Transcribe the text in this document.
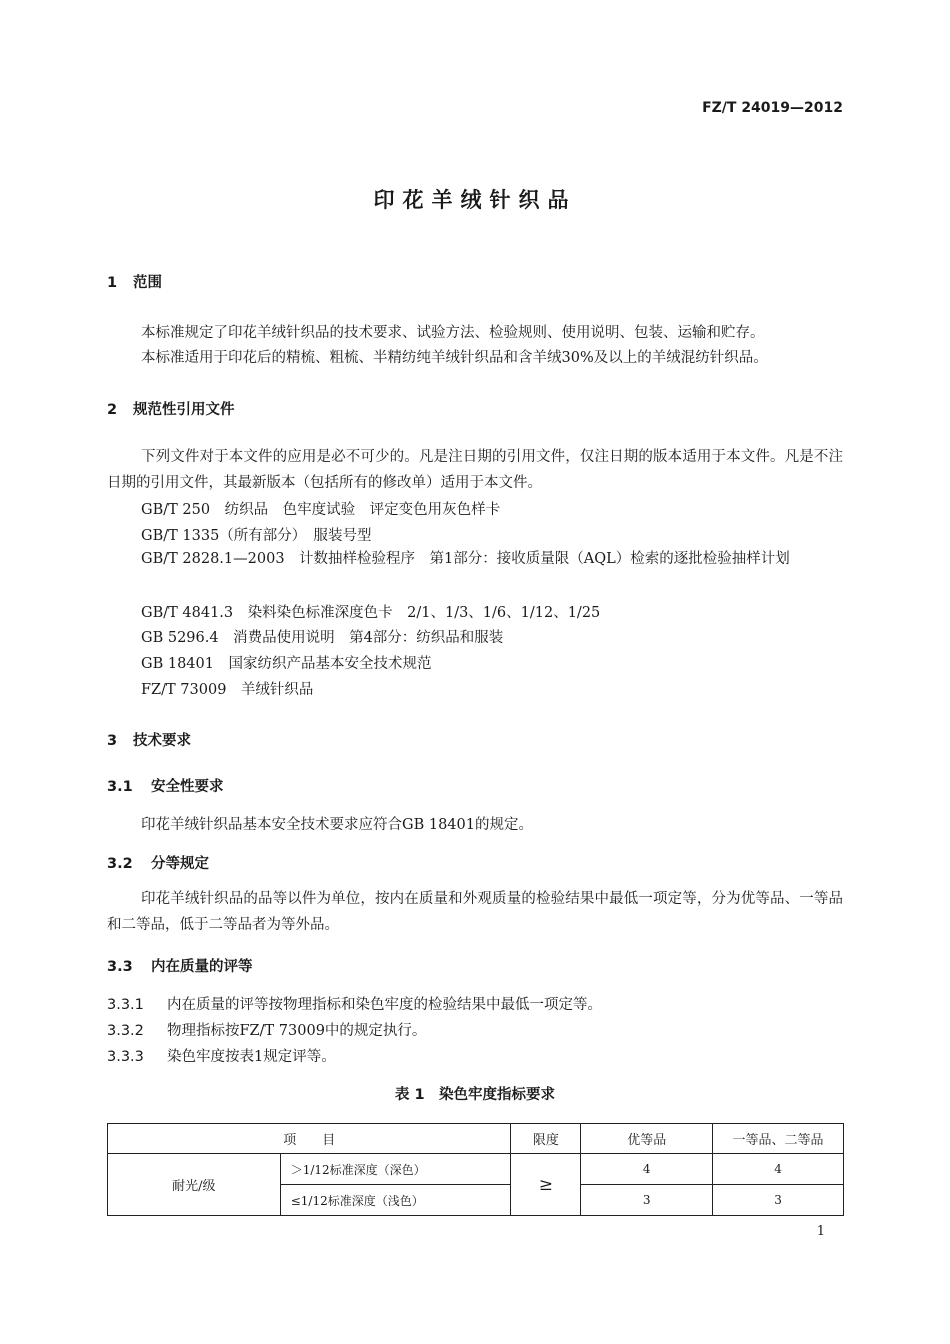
FZ/T 24019—2012
印花羊绒针织品
1 范围
本标准规定了印花羊绒针织品的技术要求、试验方法、检验规则、使用说明、包装、运输和贮存。
本标准适用于印花后的精梳、粗梳、半精纺纯羊绒针织品和含羊绒30%及以上的羊绒混纺针织品。
2 规范性引用文件
下列文件对于本文件的应用是必不可少的。凡是注日期的引用文件，仅注日期的版本适用于本文件。凡是不注日期的引用文件，其最新版本（包括所有的修改单）适用于本文件。
GB/T 250　纺织品　色牢度试验　评定变色用灰色样卡
GB/T 1335（所有部分）　服装号型
GB/T 2828.1—2003　计数抽样检验程序　第1部分：接收质量限（AQL）检索的逐批检验抽样计划
GB/T 4841.3　染料染色标准深度色卡　2/1、1/3、1/6、1/12、1/25
GB 5296.4　消费品使用说明　第4部分：纺织品和服装
GB 18401　国家纺织产品基本安全技术规范
FZ/T 73009　羊绒针织品
3 技术要求
3.1 安全性要求
印花羊绒针织品基本安全技术要求应符合GB 18401的规定。
3.2 分等规定
印花羊绒针织品的品等以件为单位，按内在质量和外观质量的检验结果中最低一项定等，分为优等品、一等品和二等品，低于二等品者为等外品。
3.3 内在质量的评等
3.3.1 内在质量的评等按物理指标和染色牢度的检验结果中最低一项定等。
3.3.2 物理指标按FZ/T 73009中的规定执行。
3.3.3 染色牢度按表1规定评等。
表 1　染色牢度指标要求
项　　目		限度	优等品	一等品、二等品
耐光/级	＞1/12标准深度（深色）	≥	4	4
	≤1/12标准深度（浅色）		3	3
1
